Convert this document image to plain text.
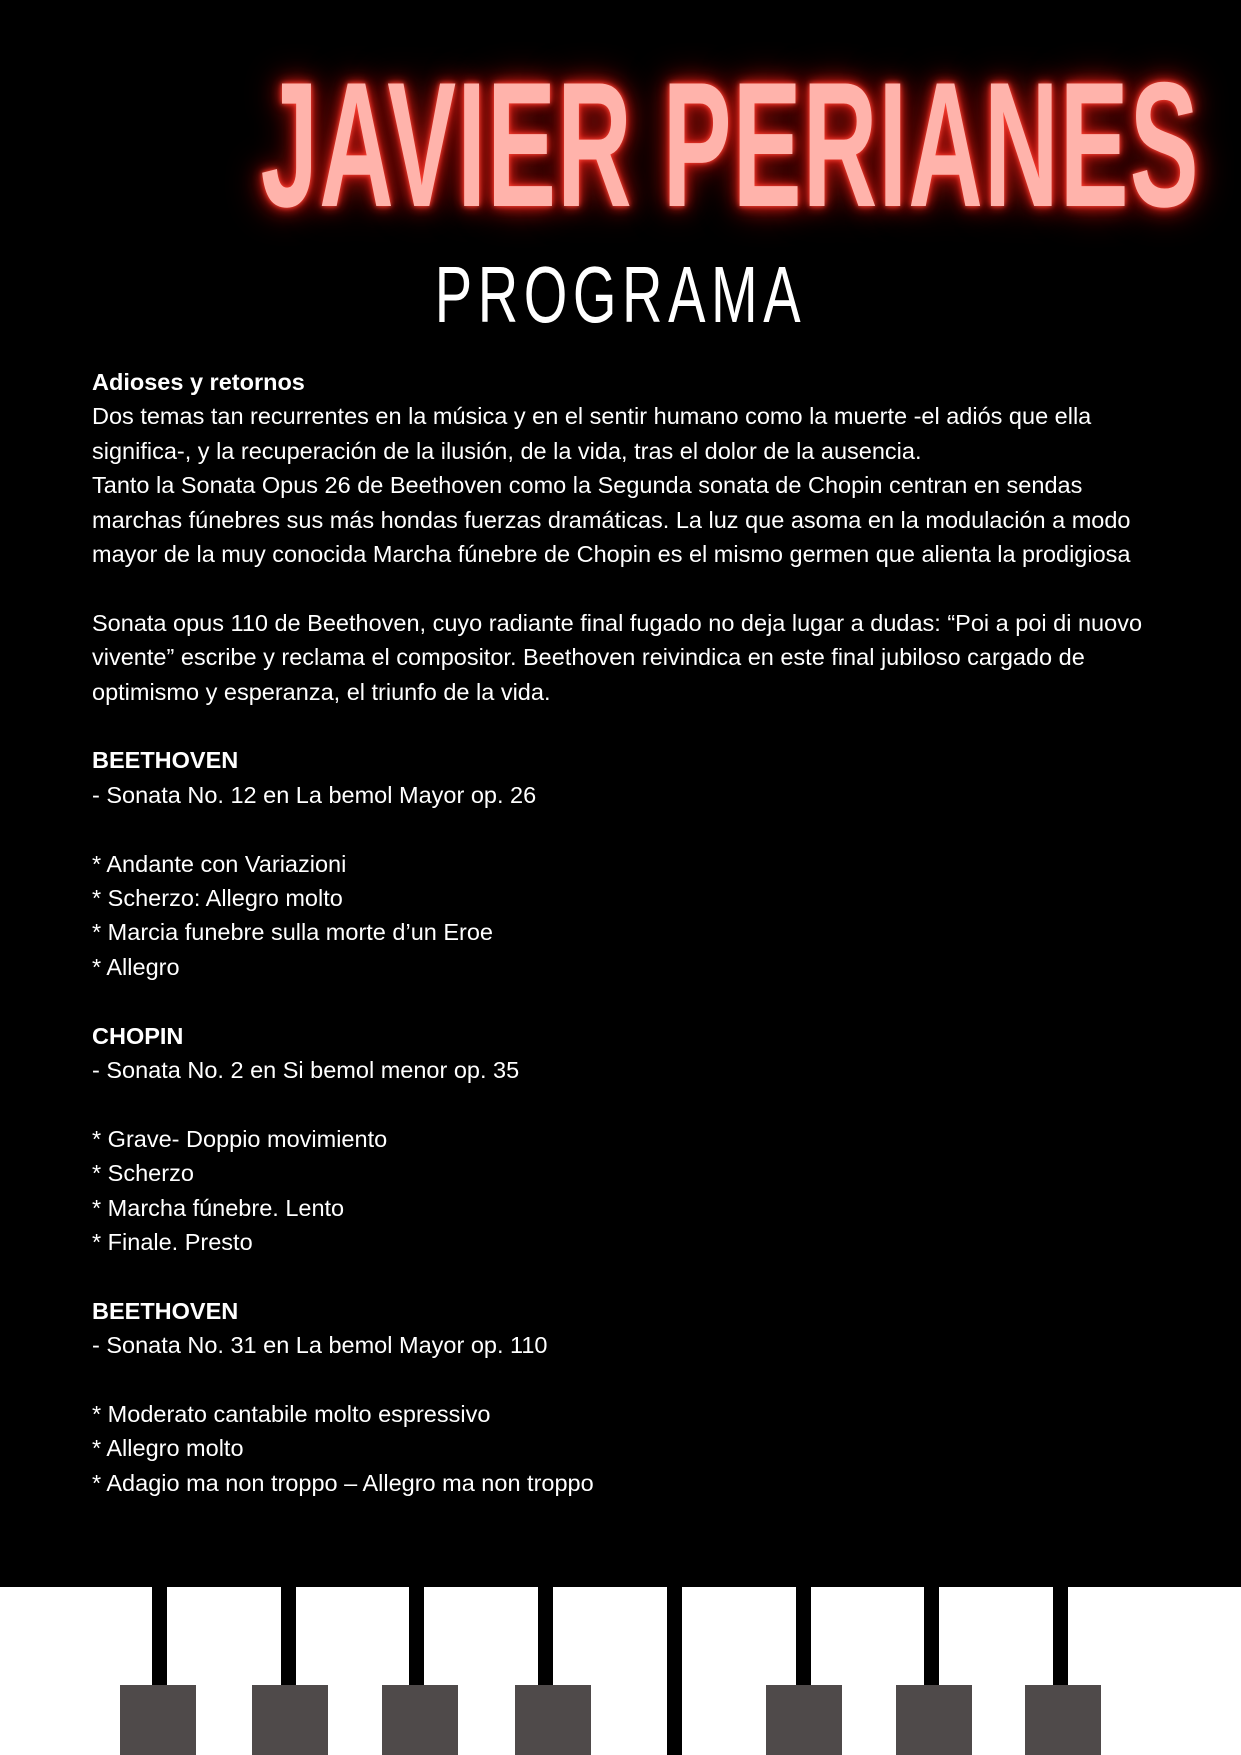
JAVIER PERIANES
PROGRAMA

Adioses y retornos

Dos temas tan recurrentes en la música y en el sentir humano como la muerte -el adiós que ella significa-, y la recuperación de la ilusión, de la vida, tras el dolor de la ausencia.

Tanto la Sonata Opus 26 de Beethoven como la Segunda sonata de Chopin centran en sendas marchas fúnebres sus más hondas fuerzas dramáticas. La luz que asoma en la modulación a modo mayor de la muy conocida Marcha fúnebre de Chopin es el mismo germen que alienta la prodigiosa

Sonata opus 110 de Beethoven, cuyo radiante final fugado no deja lugar a dudas: “Poi a poi di nuovo vivente” escribe y reclama el compositor. Beethoven reivindica en este final jubiloso cargado de optimismo y esperanza, el triunfo de la vida.

BEETHOVEN

- Sonata No. 12 en La bemol Mayor op. 26

* Andante con Variazioni

* Scherzo: Allegro molto

* Marcia funebre sulla morte d’un Eroe

* Allegro

CHOPIN

- Sonata No. 2 en Si bemol menor op. 35

* Grave- Doppio movimiento

* Scherzo

* Marcha fúnebre. Lento

* Finale. Presto

BEETHOVEN

- Sonata No. 31 en La bemol Mayor op. 110

* Moderato cantabile molto espressivo

* Allegro molto

* Adagio ma non troppo – Allegro ma non troppo
